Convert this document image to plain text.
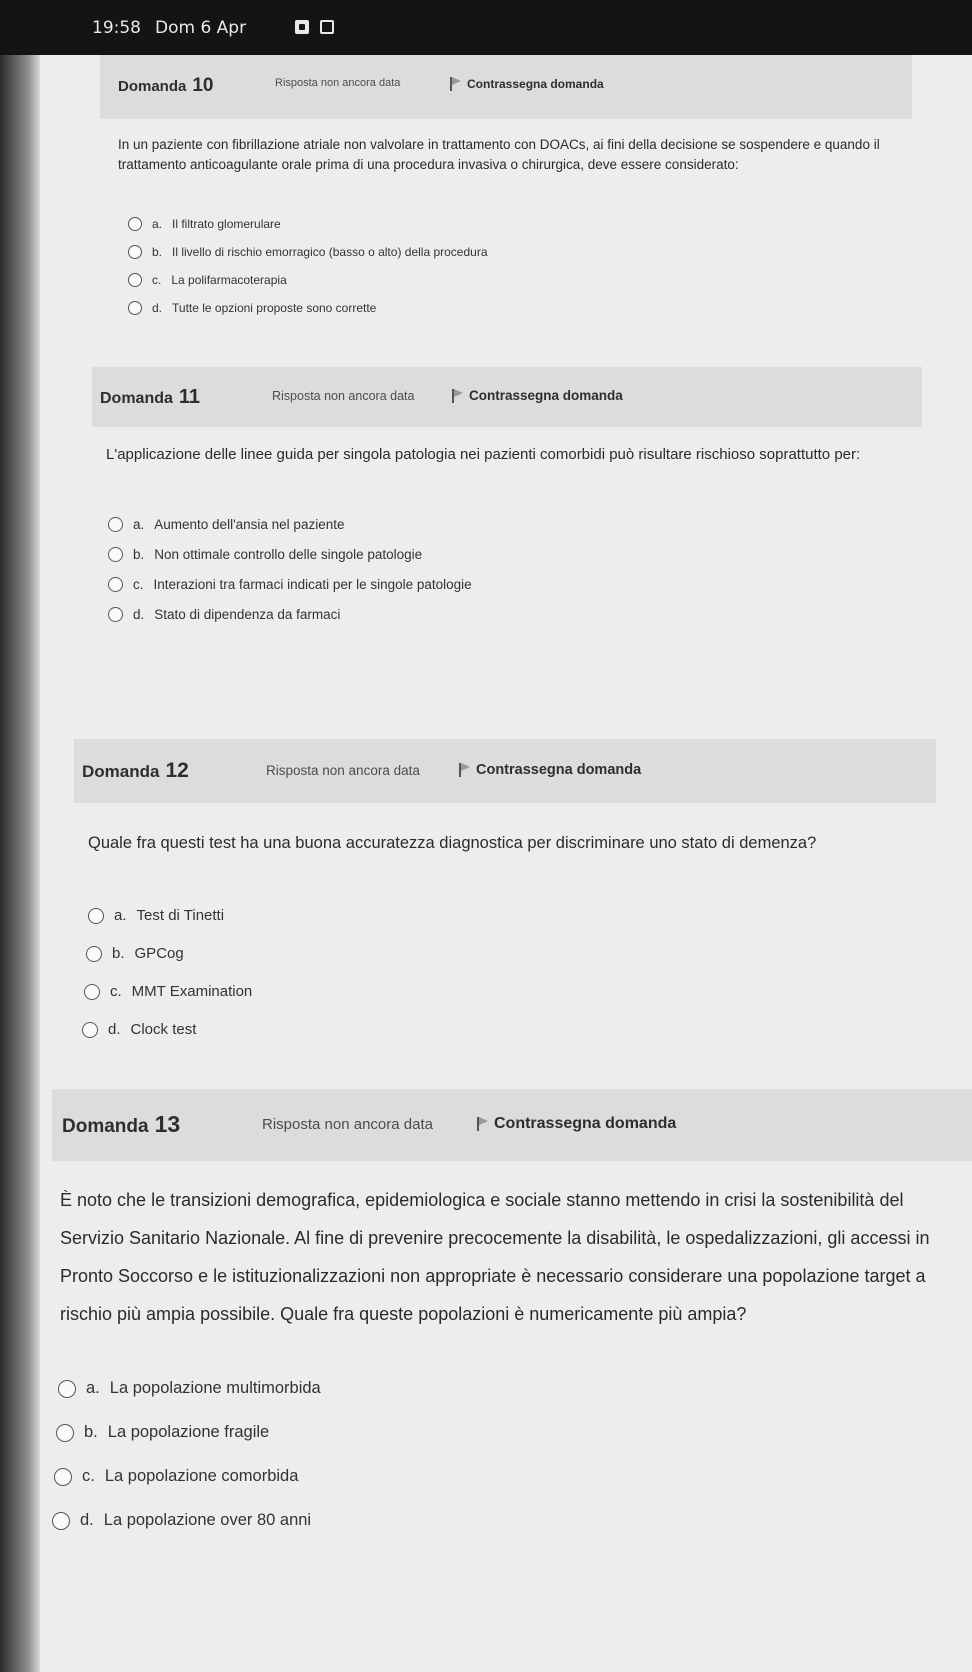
19:58 Dom 6 Apr
Domanda 10	Risposta non ancora data	Contrassegna domanda
In un paziente con fibrillazione atriale non valvolare in trattamento con DOACs, ai fini della decisione se sospendere e quando il trattamento anticoagulante orale prima di una procedura invasiva o chirurgica, deve essere considerato:
a. Il filtrato glomerulare
b. Il livello di rischio emorragico (basso o alto) della procedura
c. La polifarmacoterapia
d. Tutte le opzioni proposte sono corrette
Domanda 11	Risposta non ancora data	Contrassegna domanda
L'applicazione delle linee guida per singola patologia nei pazienti comorbidi può risultare rischioso soprattutto per:
a. Aumento dell'ansia nel paziente
b. Non ottimale controllo delle singole patologie
c. Interazioni tra farmaci indicati per le singole patologie
d. Stato di dipendenza da farmaci
Domanda 12	Risposta non ancora data	Contrassegna domanda
Quale fra questi test ha una buona accuratezza diagnostica per discriminare uno stato di demenza?
a. Test di Tinetti
b. GPCog
c. MMT Examination
d. Clock test
Domanda 13	Risposta non ancora data	Contrassegna domanda
È noto che le transizioni demografica, epidemiologica e sociale stanno mettendo in crisi la sostenibilità del Servizio Sanitario Nazionale. Al fine di prevenire precocemente la disabilità, le ospedalizzazioni, gli accessi in Pronto Soccorso e le istituzionalizzazioni non appropriate è necessario considerare una popolazione target a rischio più ampia possibile. Quale fra queste popolazioni è numericamente più ampia?
a. La popolazione multimorbida
b. La popolazione fragile
c. La popolazione comorbida
d. La popolazione over 80 anni
